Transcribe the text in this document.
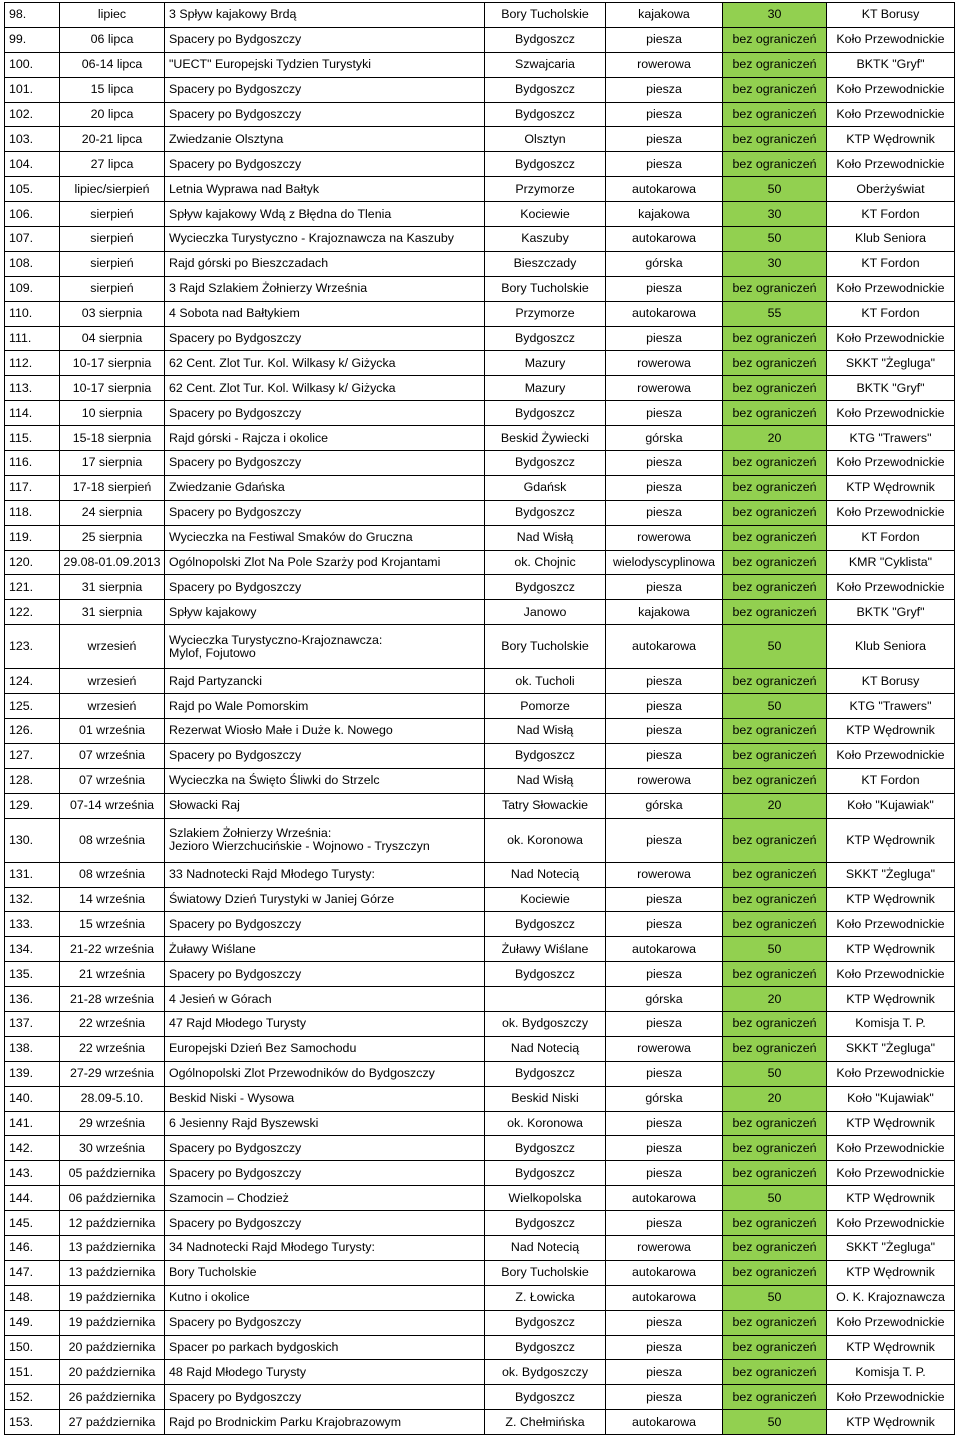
98.	lipiec	3 Spływ kajakowy Brdą	Bory Tucholskie	kajakowa	30	KT Borusy
99.	06 lipca	Spacery po Bydgoszczy	Bydgoszcz	piesza	bez ograniczeń	Koło Przewodnickie
100.	06-14 lipca	"UECT" Europejski Tydzien Turystyki	Szwajcaria	rowerowa	bez ograniczeń	BKTK "Gryf"
101.	15 lipca	Spacery po Bydgoszczy	Bydgoszcz	piesza	bez ograniczeń	Koło Przewodnickie
102.	20 lipca	Spacery po Bydgoszczy	Bydgoszcz	piesza	bez ograniczeń	Koło Przewodnickie
103.	20-21 lipca	Zwiedzanie Olsztyna	Olsztyn	piesza	bez ograniczeń	KTP Wędrownik
104.	27 lipca	Spacery po Bydgoszczy	Bydgoszcz	piesza	bez ograniczeń	Koło Przewodnickie
105.	lipiec/sierpień	Letnia Wyprawa nad Bałtyk	Przymorze	autokarowa	50	Oberżyświat
106.	sierpień	Spływ kajakowy Wdą z Błędna do Tlenia	Kociewie	kajakowa	30	KT Fordon
107.	sierpień	Wycieczka Turystyczno - Krajoznawcza na Kaszuby	Kaszuby	autokarowa	50	Klub Seniora
108.	sierpień	Rajd górski po Bieszczadach	Bieszczady	górska	30	KT Fordon
109.	sierpień	3 Rajd Szlakiem Żołnierzy Września	Bory Tucholskie	piesza	bez ograniczeń	Koło Przewodnickie
110.	03 sierpnia	4 Sobota nad Bałtykiem	Przymorze	autokarowa	55	KT Fordon
111.	04 sierpnia	Spacery po Bydgoszczy	Bydgoszcz	piesza	bez ograniczeń	Koło Przewodnickie
112.	10-17 sierpnia	62 Cent. Zlot Tur. Kol. Wilkasy k/ Giżycka	Mazury	rowerowa	bez ograniczeń	SKKT "Żegluga"
113.	10-17 sierpnia	62 Cent. Zlot Tur. Kol. Wilkasy k/ Giżycka	Mazury	rowerowa	bez ograniczeń	BKTK "Gryf"
114.	10 sierpnia	Spacery po Bydgoszczy	Bydgoszcz	piesza	bez ograniczeń	Koło Przewodnickie
115.	15-18 sierpnia	Rajd górski - Rajcza i okolice	Beskid Żywiecki	górska	20	KTG "Trawers"
116.	17 sierpnia	Spacery po Bydgoszczy	Bydgoszcz	piesza	bez ograniczeń	Koło Przewodnickie
117.	17-18 sierpień	Zwiedzanie Gdańska	Gdańsk	piesza	bez ograniczeń	KTP Wędrownik
118.	24 sierpnia	Spacery po Bydgoszczy	Bydgoszcz	piesza	bez ograniczeń	Koło Przewodnickie
119.	25 sierpnia	Wycieczka na Festiwal Smaków do Gruczna	Nad Wisłą	rowerowa	bez ograniczeń	KT Fordon
120.	29.08-01.09.2013	Ogólnopolski Zlot Na Pole Szarży pod Krojantami	ok. Chojnic	wielodyscyplinowa	bez ograniczeń	KMR "Cyklista"
121.	31 sierpnia	Spacery po Bydgoszczy	Bydgoszcz	piesza	bez ograniczeń	Koło Przewodnickie
122.	31 sierpnia	Spływ kajakowy	Janowo	kajakowa	bez ograniczeń	BKTK "Gryf"
123.	wrzesień	Wycieczka Turystyczno-Krajoznawcza:
Mylof, Fojutowo	Bory Tucholskie	autokarowa	50	Klub Seniora
124.	wrzesień	Rajd Partyzancki	ok. Tucholi	piesza	bez ograniczeń	KT Borusy
125.	wrzesień	Rajd po Wale Pomorskim	Pomorze	piesza	50	KTG "Trawers"
126.	01 września	Rezerwat Wiosło Małe i Duże k. Nowego	Nad Wisłą	piesza	bez ograniczeń	KTP Wędrownik
127.	07 września	Spacery po Bydgoszczy	Bydgoszcz	piesza	bez ograniczeń	Koło Przewodnickie
128.	07 września	Wycieczka na Święto Śliwki do Strzelc	Nad Wisłą	rowerowa	bez ograniczeń	KT Fordon
129.	07-14 września	Słowacki Raj	Tatry Słowackie	górska	20	Koło "Kujawiak"
130.	08 września	Szlakiem Żołnierzy Września:
Jezioro Wierzchucińskie - Wojnowo - Tryszczyn	ok. Koronowa	piesza	bez ograniczeń	KTP Wędrownik
131.	08 września	33 Nadnotecki Rajd Młodego Turysty:	Nad Notecią	rowerowa	bez ograniczeń	SKKT "Żegluga"
132.	14 września	Światowy Dzień Turystyki w Janiej Górze	Kociewie	piesza	bez ograniczeń	KTP Wędrownik
133.	15 września	Spacery po Bydgoszczy	Bydgoszcz	piesza	bez ograniczeń	Koło Przewodnickie
134.	21-22 września	Żuławy Wiślane	Żuławy Wiślane	autokarowa	50	KTP Wędrownik
135.	21 września	Spacery po Bydgoszczy	Bydgoszcz	piesza	bez ograniczeń	Koło Przewodnickie
136.	21-28 września	4 Jesień w Górach		górska	20	KTP Wędrownik
137.	22 września	47 Rajd Młodego Turysty	ok. Bydgoszczy	piesza	bez ograniczeń	Komisja T. P.
138.	22 września	Europejski Dzień Bez Samochodu	Nad Notecią	rowerowa	bez ograniczeń	SKKT "Żegluga"
139.	27-29 września	Ogólnopolski Zlot Przewodników do Bydgoszczy	Bydgoszcz	piesza	50	Koło Przewodnickie
140.	28.09-5.10.	Beskid Niski - Wysowa	Beskid Niski	górska	20	Koło "Kujawiak"
141.	29 września	6 Jesienny Rajd Byszewski	ok. Koronowa	piesza	bez ograniczeń	KTP Wędrownik
142.	30 września	Spacery po Bydgoszczy	Bydgoszcz	piesza	bez ograniczeń	Koło Przewodnickie
143.	05 października	Spacery po Bydgoszczy	Bydgoszcz	piesza	bez ograniczeń	Koło Przewodnickie
144.	06 października	Szamocin – Chodzież	Wielkopolska	autokarowa	50	KTP Wędrownik
145.	12 października	Spacery po Bydgoszczy	Bydgoszcz	piesza	bez ograniczeń	Koło Przewodnickie
146.	13 października	34 Nadnotecki Rajd Młodego Turysty:	Nad Notecią	rowerowa	bez ograniczeń	SKKT "Żegluga"
147.	13 października	Bory Tucholskie	Bory Tucholskie	autokarowa	bez ograniczeń	KTP Wędrownik
148.	19 października	Kutno i okolice	Z. Łowicka	autokarowa	50	O. K. Krajoznawcza
149.	19 października	Spacery po Bydgoszczy	Bydgoszcz	piesza	bez ograniczeń	Koło Przewodnickie
150.	20 października	Spacer po parkach bydgoskich	Bydgoszcz	piesza	bez ograniczeń	KTP Wędrownik
151.	20 października	48 Rajd Młodego Turysty	ok. Bydgoszczy	piesza	bez ograniczeń	Komisja T. P.
152.	26 października	Spacery po Bydgoszczy	Bydgoszcz	piesza	bez ograniczeń	Koło Przewodnickie
153.	27 października	Rajd po Brodnickim Parku Krajobrazowym	Z. Chełmińska	autokarowa	50	KTP Wędrownik
